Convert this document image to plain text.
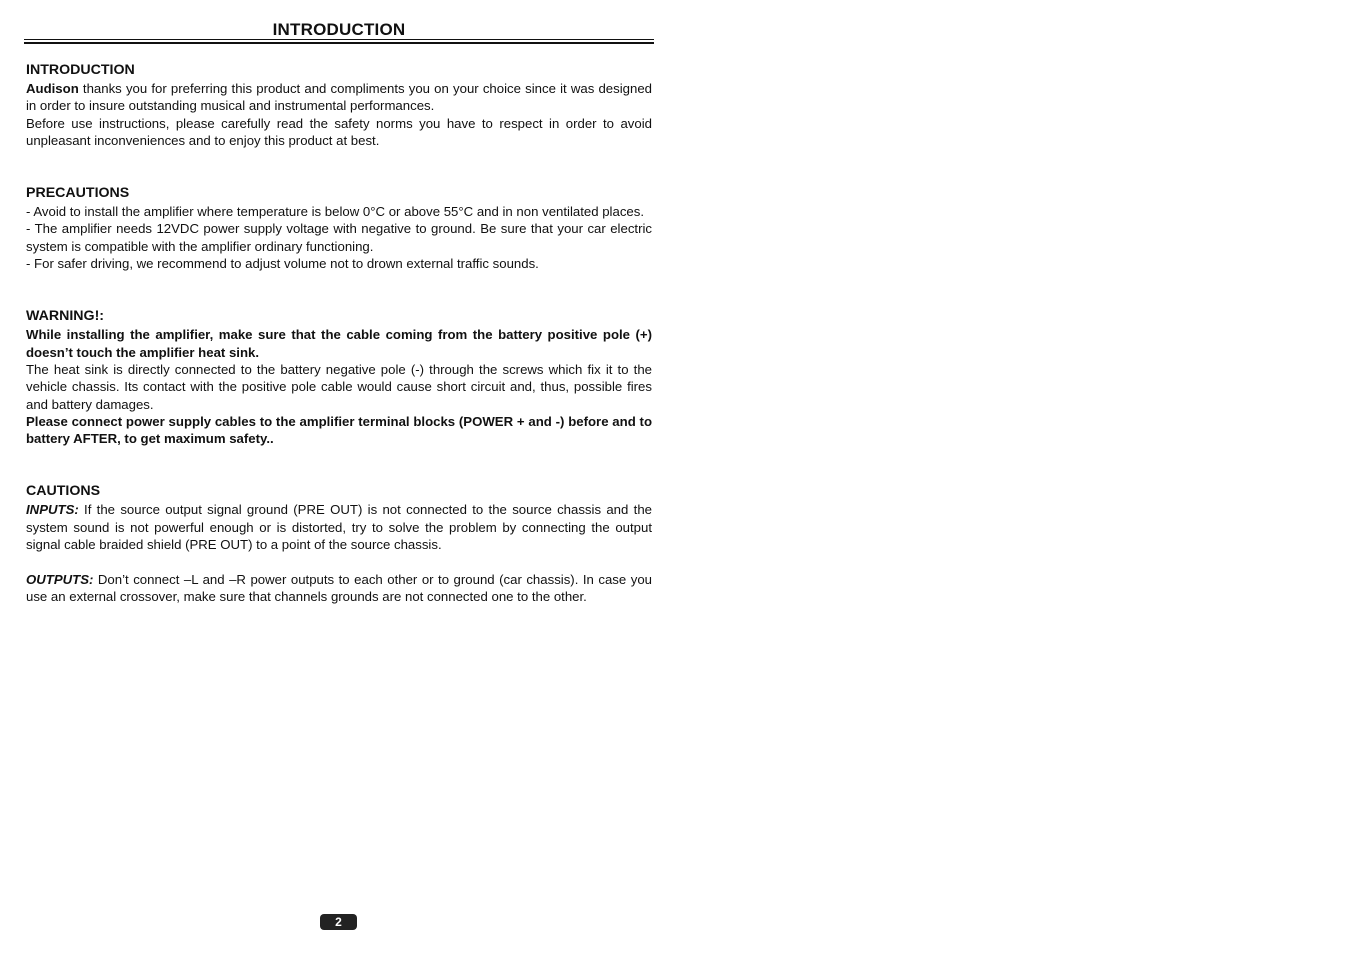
INTRODUCTION
INTRODUCTION

Audison thanks you for preferring this product and compliments you on your choice since it was designed in order to insure outstanding musical and instrumental performances.

Before use instructions, please carefully read the safety norms you have to respect in order to avoid unpleasant inconveniences and to enjoy this product at best.

PRECAUTIONS

- Avoid to install the amplifier where temperature is below 0°C or above 55°C and in non ventilated places.

- The amplifier needs 12VDC power supply voltage with negative to ground. Be sure that your car electric system is compatible with the amplifier ordinary functioning.

- For safer driving, we recommend to adjust volume not to drown external traffic sounds.

WARNING!:

While installing the amplifier, make sure that the cable coming from the battery positive pole (+) doesn’t touch the amplifier heat sink.

The heat sink is directly connected to the battery negative pole (-) through the screws which fix it to the vehicle chassis. Its contact with the positive pole cable would cause short circuit and, thus, possible fires and battery damages.

Please connect power supply cables to the amplifier terminal blocks (POWER + and -) before and to battery AFTER, to get maximum safety..

CAUTIONS

INPUTS: If the source output signal ground (PRE OUT) is not connected to the source chassis and the system sound is not powerful enough or is distorted, try to solve the problem by connecting the output signal cable braided shield (PRE OUT) to a point of the source chassis.

OUTPUTS: Don’t connect –L and –R power outputs to each other or to ground (car chassis). In case you use an external crossover, make sure that channels grounds are not connected one to the other.

2
